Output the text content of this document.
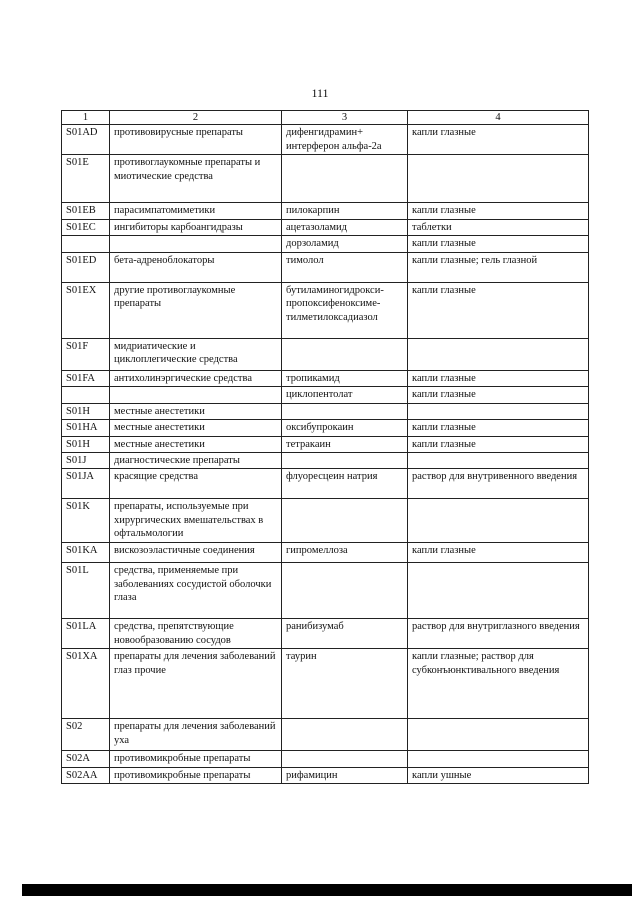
111
1	2	3	4
S01AD	противовирусные препараты	дифенгидрамин+ интерферон альфа-2а	капли глазные
S01E	противоглаукомные препараты и миотические средства		
S01EB	парасимпатомиметики	пилокарпин	капли глазные
S01EC	ингибиторы карбоангидразы	ацетазоламид	таблетки
		дорзоламид	капли глазные
S01ED	бета-адреноблокаторы	тимолол	капли глазные; гель глазной
S01EX	другие противоглаукомные препараты	бутиламиногидрокси-пропоксифеноксиме-тилметилоксадиазол	капли глазные
S01F	мидриатические и циклоплегические средства		
S01FA	антихолинэргические средства	тропикамид	капли глазные
		циклопентолат	капли глазные
S01H	местные анестетики		
S01HA	местные анестетики	оксибупрокаин	капли глазные
S01H	местные анестетики	тетракаин	капли глазные
S01J	диагностические препараты		
S01JA	красящие средства	флуоресцеин натрия	раствор для внутривенного введения
S01K	препараты, используемые при хирургических вмешательствах в офтальмологии		
S01KA	вискозоэластичные соединения	гипромеллоза	капли глазные
S01L	средства, применяемые при заболеваниях сосудистой оболочки глаза		
S01LA	средства, препятствующие новообразованию сосудов	ранибизумаб	раствор для внутриглазного введения
S01XA	препараты для лечения заболеваний глаз прочие	таурин	капли глазные; раствор для субконъюнктивального введения
S02	препараты для лечения заболеваний уха		
S02A	противомикробные препараты		
S02AA	противомикробные препараты	рифамицин	капли ушные
